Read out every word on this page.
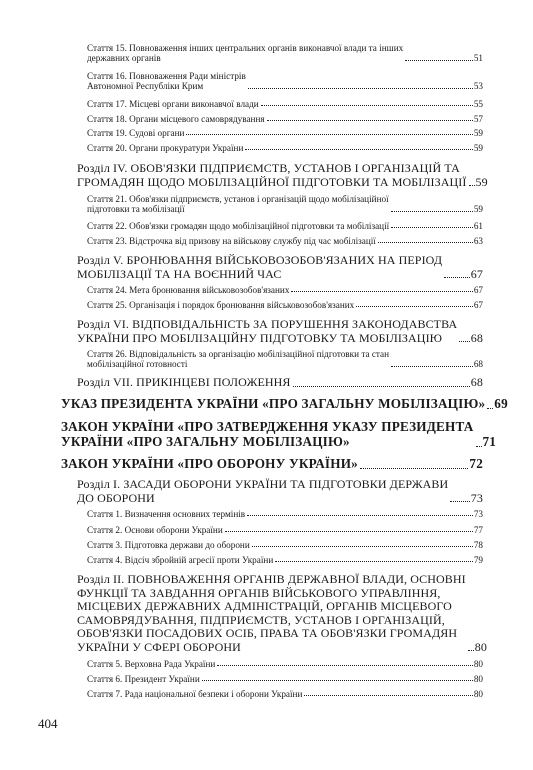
Стаття 15. Повноваження інших центральних органів виконавчої влади та інших
державних органів	51
Стаття 16. Повноваження Ради міністрів
Автономної Республіки Крим	53
Стаття 17. Місцеві органи виконавчої влади	55
Стаття 18. Органи місцевого самоврядування	57
Стаття 19. Судові органи	59
Стаття 20. Органи прокуратури України	59
Розділ IV. ОБОВ'ЯЗКИ ПІДПРИЄМСТВ, УСТАНОВ І ОРГАНІЗАЦІЙ ТА
ГРОМАДЯН ЩОДО МОБІЛІЗАЦІЙНОЇ ПІДГОТОВКИ ТА МОБІЛІЗАЦІЇ 59
Стаття 21. Обов'язки підприємств, установ і організацій щодо мобілізаційної
підготовки та мобілізації	59
Стаття 22. Обов'язки громадян щодо мобілізаційної підготовки та мобілізації	61
Стаття 23. Відстрочка від призову на військову службу під час мобілізації	63
Розділ V. БРОНЮВАННЯ ВІЙСЬКОВОЗОБОВ'ЯЗАНИХ НА ПЕРІОД
МОБІЛІЗАЦІЇ ТА НА ВОЄННИЙ ЧАС	67
Стаття 24. Мета бронювання військовозобов'язаних	67
Стаття 25. Організація і порядок бронювання військовозобов'язаних	67
Розділ VI. ВІДПОВІДАЛЬНІСТЬ ЗА ПОРУШЕННЯ ЗАКОНОДАВСТВА
УКРАЇНИ ПРО МОБІЛІЗАЦІЙНУ ПІДГОТОВКУ ТА МОБІЛІЗАЦІЮ	68
Стаття 26. Відповідальність за організацію мобілізаційної підготовки та стан
мобілізаційної готовності	68
Розділ VII. ПРИКІНЦЕВІ ПОЛОЖЕННЯ	68
УКАЗ ПРЕЗИДЕНТА УКРАЇНИ «ПРО ЗАГАЛЬНУ МОБІЛІЗАЦІЮ» 69
ЗАКОН УКРАЇНИ «ПРО ЗАТВЕРДЖЕННЯ УКАЗУ ПРЕЗИДЕНТА
УКРАЇНИ «ПРО ЗАГАЛЬНУ МОБІЛІЗАЦІЮ»	71
ЗАКОН УКРАЇНИ «ПРО ОБОРОНУ УКРАЇНИ»	72
Розділ І. ЗАСАДИ ОБОРОНИ УКРАЇНИ ТА ПІДГОТОВКИ ДЕРЖАВИ
ДО ОБОРОНИ	73
Стаття 1. Визначення основних термінів	73
Стаття 2. Основи оборони України	77
Стаття 3. Підготовка держави до оборони	78
Стаття 4. Відсіч збройній агресії проти України	79
Розділ ІІ. ПОВНОВАЖЕННЯ ОРГАНІВ ДЕРЖАВНОЇ ВЛАДИ, ОСНОВНІ
ФУНКЦІЇ ТА ЗАВДАННЯ ОРГАНІВ ВІЙСЬКОВОГО УПРАВЛІННЯ,
МІСЦЕВИХ ДЕРЖАВНИХ АДМІНІСТРАЦІЙ, ОРГАНІВ МІСЦЕВОГО
САМОВРЯДУВАННЯ, ПІДПРИЄМСТВ, УСТАНОВ І ОРГАНІЗАЦІЙ,
ОБОВ'ЯЗКИ ПОСАДОВИХ ОСІБ, ПРАВА ТА ОБОВ'ЯЗКИ ГРОМАДЯН
УКРАЇНИ У СФЕРІ ОБОРОНИ	80
Стаття 5. Верховна Рада України	80
Стаття 6. Президент України	80
Стаття 7. Рада національної безпеки і оборони України	80
404
